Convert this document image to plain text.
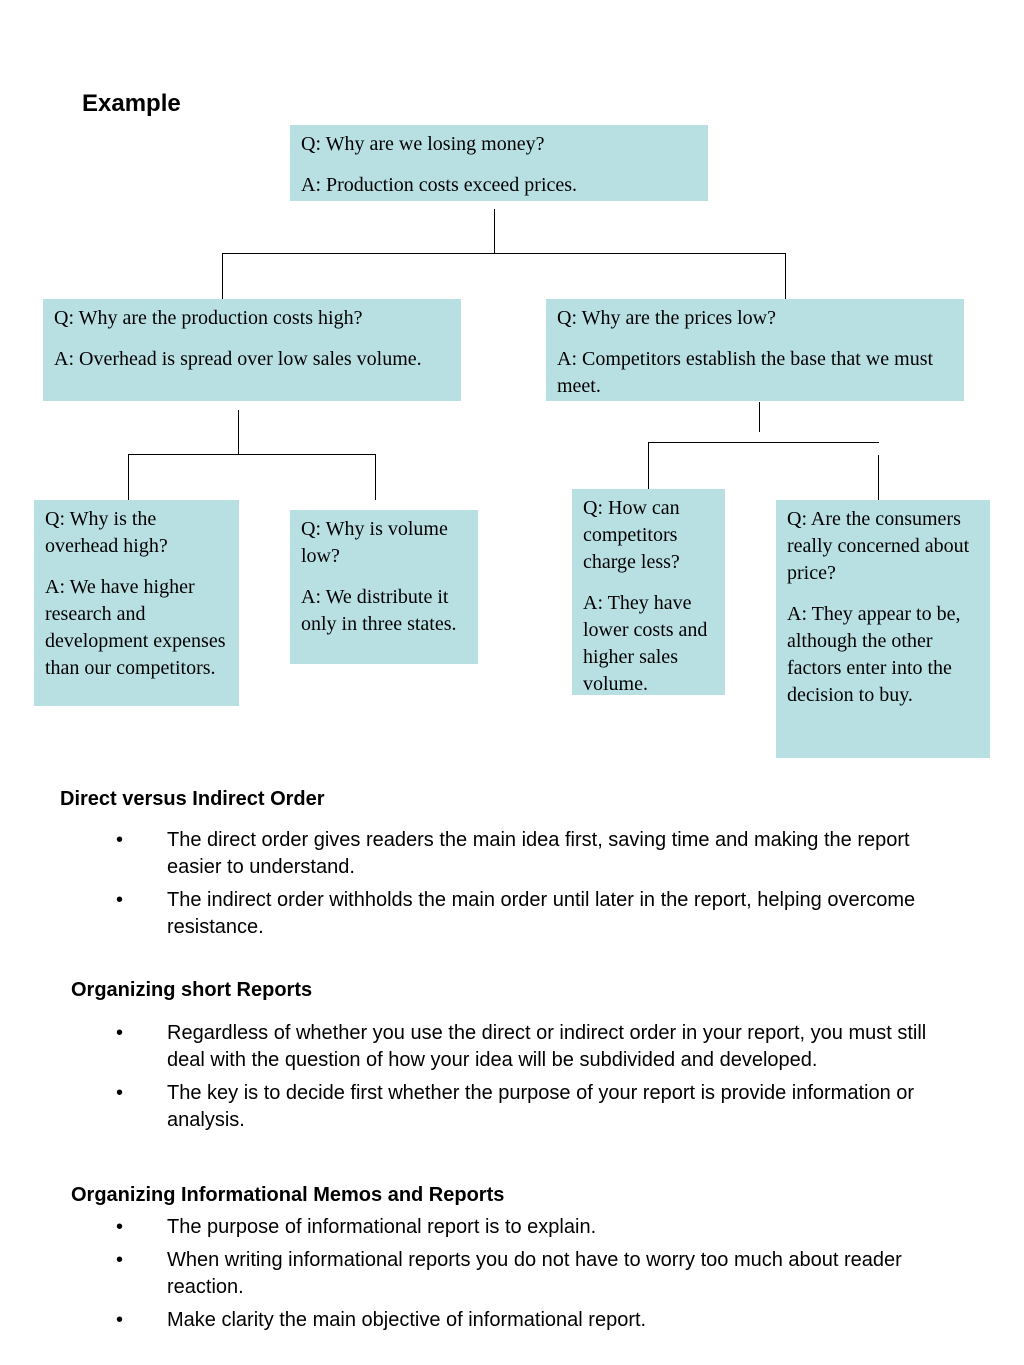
Example

Q: Why are we losing money?

A: Production costs exceed prices.

Q: Why are the production costs high?

A: Overhead is spread over low sales volume.

Q: Why are the prices low?

A: Competitors establish the base that we must meet.

Q: Why is the overhead high?

A: We have higher research and development expenses than our competitors.

Q: Why is volume low?

A: We distribute it only in three states.

Q: How can competitors charge less?

A: They have lower costs and higher sales volume.

Q: Are the consumers really concerned about price?

A: They appear to be, although the other factors enter into the decision to buy.

Direct versus Indirect Order
• The direct order gives readers the main idea first, saving time and making the report easier to understand.
• The indirect order withholds the main order until later in the report, helping overcome resistance.
Organizing short Reports
• Regardless of whether you use the direct or indirect order in your report, you must still deal with the question of how your idea will be subdivided and developed.
• The key is to decide first whether the purpose of your report is provide information or analysis.
Organizing Informational Memos and Reports
• The purpose of informational report is to explain.
• When writing informational reports you do not have to worry too much about reader reaction.
• Make clarity the main objective of informational report.
